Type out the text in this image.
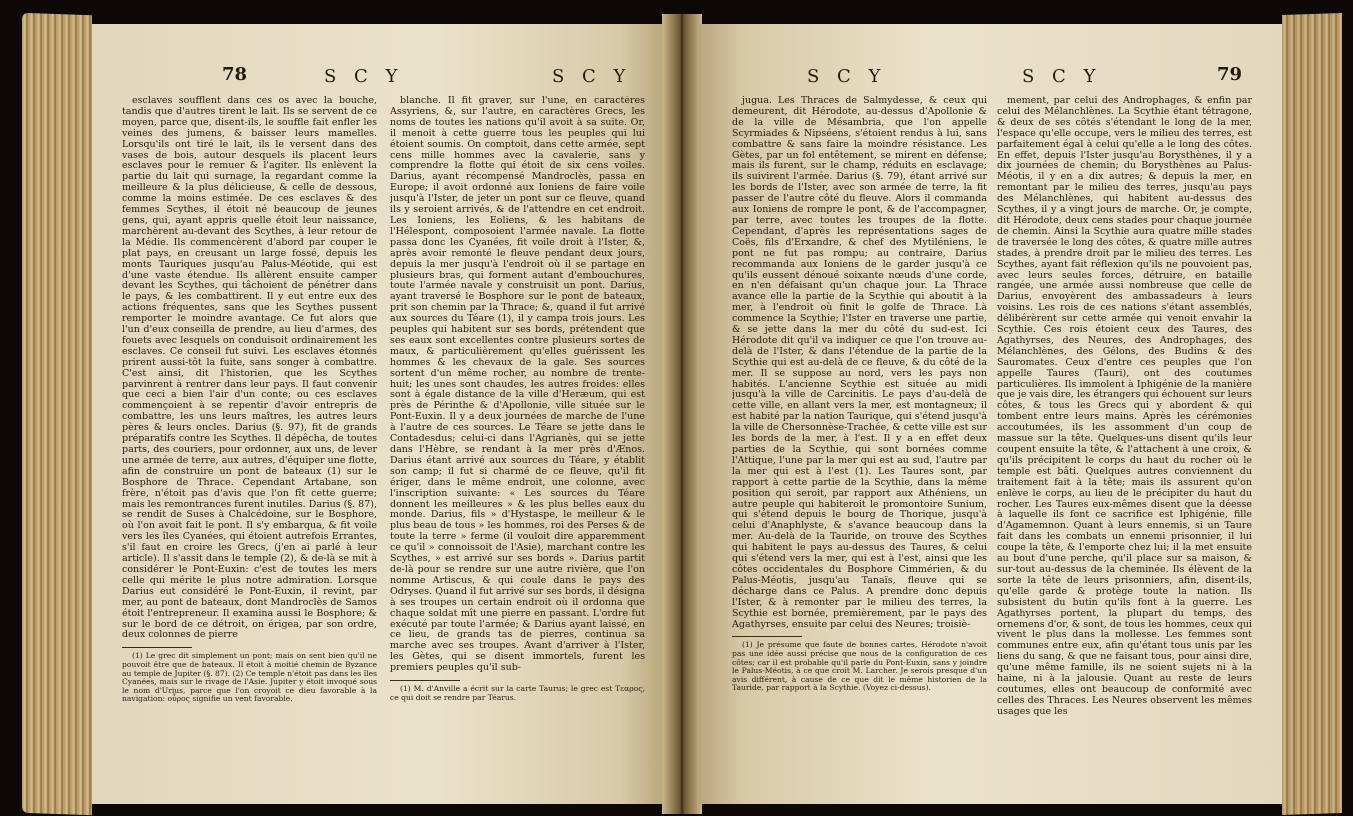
78	S C Y	S C Y

esclaves soufflent dans ces os avec la bouche, tandis que d'autres tirent le lait. Ils se servent de ce moyen, parce que, disent-ils, le souffle fait enfler les veines des jumens, & baisser leurs mamelles. Lorsqu'ils ont tiré le lait, ils le versent dans des vases de bois, autour desquels ils placent leurs esclaves pour le remuer & l'agiter. Ils enlèvent la partie du lait qui surnage, la regardant comme la meilleure & la plus délicieuse, & celle de dessous, comme la moins estimée. De ces esclaves & des femmes Scythes, il étoit né beaucoup de jeunes gens, qui, ayant appris quelle étoit leur naissance, marchèrent au-devant des Scythes, à leur retour de la Médie. Ils commencèrent d'abord par couper le plat pays, en creusant un large fossé, depuis les monts Tauriques jusqu'au Palus-Méotide, qui est d'une vaste étendue. Ils allèrent ensuite camper devant les Scythes, qui tâchoient de pénétrer dans le pays, & les combattirent. Il y eut entre eux des actions fréquentes, sans que les Scythes pussent remporter le moindre avantage. Ce fut alors que l'un d'eux conseilla de prendre, au lieu d'armes, des fouets avec lesquels on conduisoit ordinairement les esclaves. Ce conseil fut suivi. Les esclaves étonnés prirent aussi-tôt la fuite, sans songer à combattre. C'est ainsi, dit l'historien, que les Scythes parvinrent à rentrer dans leur pays. Il faut convenir que ceci a bien l'air d'un conte; ou ces esclaves commençoient à se repentir d'avoir entrepris de combattre, les uns leurs maîtres, les autres leurs pères & leurs oncles. Darius (§. 97), fit de grands préparatifs contre les Scythes. Il dépêcha, de toutes parts, des couriers, pour ordonner, aux uns, de lever une armée de terre, aux autres, d'équiper une flotte, afin de construire un pont de bateaux (1) sur le Bosphore de Thrace. Cependant Artabane, son frère, n'étoit pas d'avis que l'on fît cette guerre; mais les remontrances furent inutiles. Darius (§. 87), se rendit de Suses à Chalcédoine, sur le Bosphore, où l'on avoit fait le pont. Il s'y embarqua, & fit voile vers les îles Cyanées, qui étoient autrefois Errantes, s'il faut en croire les Grecs, (j'en ai parlé à leur article). Il s'assit dans le temple (2), & de-là se mit à considérer le Pont-Euxin: c'est de toutes les mers celle qui mérite le plus notre admiration. Lorsque Darius eut considéré le Pont-Euxin, il revint, par mer, au pont de bateaux, dont Mandroclès de Samos étoit l'entrepreneur. Il examina aussi le Bosphore; & sur le bord de ce détroit, on érigea, par son ordre, deux colonnes de pierre

(1) Le grec dit simplement un pont; mais on sent bien qu'il ne pouvoit être que de bateaux. Il étoit à moitié chemin de Byzance au temple de Jupiter (§. 87). (2) Ce temple n'étoit pas dans les îles Cyanées, mais sur le rivage de l'Asie. Jupiter y étoit invoqué sous le nom d'Urius, parce que l'on croyoit ce dieu favorable à la navigation: οὖρος signifie un vent favorable.

blanche. Il fit graver, sur l'une, en caractères Assyriens, &, sur l'autre, en caractères Grecs, les noms de toutes les nations qu'il avoit à sa suite. Or, il menoit à cette guerre tous les peuples qui lui étoient soumis. On comptoit, dans cette armée, sept cens mille hommes avec la cavalerie, sans y comprendre la flotte qui étoit de six cens voiles. Darius, ayant récompensé Mandroclès, passa en Europe; il avoit ordonné aux Ioniens de faire voile jusqu'à l'Ister, de jeter un pont sur ce fleuve, quand ils y seroient arrivés, & de l'attendre en cet endroit. Les Ioniens, les Eoliens, & les habitans de l'Hélespont, composoient l'armée navale. La flotte passa donc les Cyanées, fit voile droit à l'Ister, &, après avoir remonté le fleuve pendant deux jours, depuis la mer jusqu'à l'endroit où il se partage en plusieurs bras, qui forment autant d'embouchures, toute l'armée navale y construisit un pont. Darius, ayant traversé le Bosphore sur le pont de bateaux, prit son chemin par la Thrace; &, quand il fut arrivé aux sources du Téare (1), il y campa trois jours. Les peuples qui habitent sur ses bords, prétendent que ses eaux sont excellentes contre plusieurs sortes de maux, & particulièrement qu'elles guérissent les hommes & les chevaux de la gale. Ses sources sortent d'un même rocher, au nombre de trente-huit; les unes sont chaudes, les autres froides: elles sont à égale distance de la ville d'Heræum, qui est près de Périnthe & d'Apollonie, ville située sur le Pont-Euxin. Il y a deux journées de marche de l'une à l'autre de ces sources. Le Téare se jette dans le Contadesdus; celui-ci dans l'Agrianès, qui se jette dans l'Hèbre, se rendant à la mer près d'Ænos. Darius étant arrivé aux sources du Téare, y établit son camp; il fut si charmé de ce fleuve, qu'il fit ériger, dans le même endroit, une colonne, avec l'inscription suivante: « Les sources du Téare donnent les meilleures » & les plus belles eaux du monde. Darius, fils » d'Hystaspe, le meilleur & le plus beau de tous » les hommes, roi des Perses & de toute la terre » ferme (il vouloit dire apparemment ce qu'il » connoissoit de l'Asie), marchant contre les Scythes, » est arrivé sur ses bords ». Darius partit de-là pour se rendre sur une autre rivière, que l'on nomme Artiscus, & qui coule dans le pays des Odryses. Quand il fut arrivé sur ses bords, il désigna à ses troupes un certain endroit où il ordonna que chaque soldat mît une pierre en passant. L'ordre fut exécuté par toute l'armée; & Darius ayant laissé, en ce lieu, de grands tas de pierres, continua sa marche avec ses troupes. Avant d'arriver à l'Ister, les Gètes, qui se disent immortels, furent les premiers peuples qu'il sub-

(1) M. d'Anville a écrit sur la carte Taurus; le grec est Τεαρος, ce qui doit se rendre par Téarus.

S C Y	S C Y	79

jugua. Les Thraces de Salmydesse, & ceux qui demeurent, dit Hérodote, au-dessus d'Apollonie & de la ville de Mésambria, que l'on appelle Scyrmiades & Nipséens, s'étoient rendus à lui, sans combattre & sans faire la moindre résistance. Les Gètes, par un fol entêtement, se mirent en défense; mais ils furent, sur le champ, réduits en esclavage; ils suivirent l'armée. Darius (§. 79), étant arrivé sur les bords de l'Ister, avec son armée de terre, la fit passer de l'autre côté du fleuve. Alors il commanda aux Ioniens de rompre le pont, & de l'accompagner, par terre, avec toutes les troupes de la flotte. Cependant, d'après les représentations sages de Coës, fils d'Erxandre, & chef des Mytiléniens, le pont ne fut pas rompu; au contraire, Darius recommanda aux Ioniens de le garder jusqu'à ce qu'ils eussent dénoué soixante nœuds d'une corde, en n'en défaisant qu'un chaque jour. La Thrace avance elle la partie de la Scythie qui aboutit à la mer, à l'endroit où finit le golfe de Thrace. Là commence la Scythie; l'Ister en traverse une partie, & se jette dans la mer du côté du sud-est. Ici Hérodote dit qu'il va indiquer ce que l'on trouve au-delà de l'Ister, & dans l'étendue de la partie de la Scythie qui est au-delà de ce fleuve, & du côté de la mer. Il se suppose au nord, vers les pays non habités. L'ancienne Scythie est située au midi jusqu'à la ville de Carcinitis. Le pays d'au-delà de cette ville, en allant vers la mer, est montagneux; il est habité par la nation Taurique, qui s'étend jusqu'à la ville de Chersonnèse-Trachée, & cette ville est sur les bords de la mer, à l'est. Il y a en effet deux parties de la Scythie, qui sont bornées comme l'Attique, l'une par la mer qui est au sud, l'autre par la mer qui est à l'est (1). Les Taures sont, par rapport à cette partie de la Scythie, dans la même position qui seroit, par rapport aux Athéniens, un autre peuple qui habiteroit le promontoire Sunium, qui s'étend depuis le bourg de Thorique, jusqu'à celui d'Anaphlyste, & s'avance beaucoup dans la mer. Au-delà de la Tauride, on trouve des Scythes qui habitent le pays au-dessus des Taures, & celui qui s'étend vers la mer, qui est à l'est, ainsi que les côtes occidentales du Bosphore Cimmérien, & du Palus-Méotis, jusqu'au Tanaïs, fleuve qui se décharge dans ce Palus. A prendre donc depuis l'Ister, & à remonter par le milieu des terres, la Scythie est bornée, premièrement, par le pays des Agathyrses, ensuite par celui des Neures; troisiè-

(1) Je présume que faute de bonnes cartes, Hérodote n'avoit pas une idée aussi précise que nous de la configuration de ces côtes; car il est probable qu'il parle du Pont-Euxin, sans y joindre le Palus-Méotis, à ce que croit M. Larcher. Je serois presque d'un avis différent, à cause de ce que dit le même historien de la Tauride, par rapport à la Scythie. (Voyez ci-dessus).

mement, par celui des Androphages, & enfin par celui des Mélanchlènes. La Scythie étant tétragone, & deux de ses côtés s'étendant le long de la mer, l'espace qu'elle occupe, vers le milieu des terres, est parfaitement égal à celui qu'elle a le long des côtes. En effet, depuis l'Ister jusqu'au Borysthènes, il y a dix journées de chemin; du Borysthènes au Palus-Méotis, il y en a dix autres; & depuis la mer, en remontant par le milieu des terres, jusqu'au pays des Mélanchlènes, qui habitent au-dessus des Scythes, il y a vingt jours de marche. Or, je compte, dit Hérodote, deux cens stades pour chaque journée de chemin. Ainsi la Scythie aura quatre mille stades de traversée le long des côtes, & quatre mille autres stades, à prendre droit par le milieu des terres. Les Scythes, ayant fait réflexion qu'ils ne pouvoient pas, avec leurs seules forces, détruire, en bataille rangée, une armée aussi nombreuse que celle de Darius, envoyèrent des ambassadeurs à leurs voisins. Les rois de ces nations s'étant assemblés, délibérèrent sur cette armée qui venoit envahir la Scythie. Ces rois étoient ceux des Taures, des Agathyrses, des Neures, des Androphages, des Mélanchlènes, des Gélons, des Budins & des Sauromates. Ceux d'entre ces peuples que l'on appelle Taures (Tauri), ont des coutumes particulières. Ils immolent à Iphigénie de la manière que je vais dire, les étrangers qui échouent sur leurs côtes, & tous les Grecs qui y abordent & qui tombent entre leurs mains. Après les cérémonies accoutumées, ils les assomment d'un coup de massue sur la tête. Quelques-uns disent qu'ils leur coupent ensuite la tête, & l'attachent à une croix, & qu'ils précipitent le corps du haut du rocher où le temple est bâti. Quelques autres conviennent du traitement fait à la tête; mais ils assurent qu'on enlève le corps, au lieu de le précipiter du haut du rocher. Les Taures eux-mêmes disent que la déesse à laquelle ils font ce sacrifice est Iphigénie, fille d'Agamemnon. Quant à leurs ennemis, si un Taure fait dans les combats un ennemi prisonnier, il lui coupe la tête, & l'emporte chez lui; il la met ensuite au bout d'une perche, qu'il place sur sa maison, & sur-tout au-dessus de la cheminée. Ils élèvent de la sorte la tête de leurs prisonniers, afin, disent-ils, qu'elle garde & protège toute la nation. Ils subsistent du butin qu'ils font à la guerre. Les Agathyrses portent, la plupart du temps, des ornemens d'or, & sont, de tous les hommes, ceux qui vivent le plus dans la mollesse. Les femmes sont communes entre eux, afin qu'étant tous unis par les liens du sang, & que ne faisant tous, pour ainsi dire, qu'une même famille, ils ne soient sujets ni à la haine, ni à la jalousie. Quant au reste de leurs coutumes, elles ont beaucoup de conformité avec celles des Thraces. Les Neures observent les mêmes usages que les
